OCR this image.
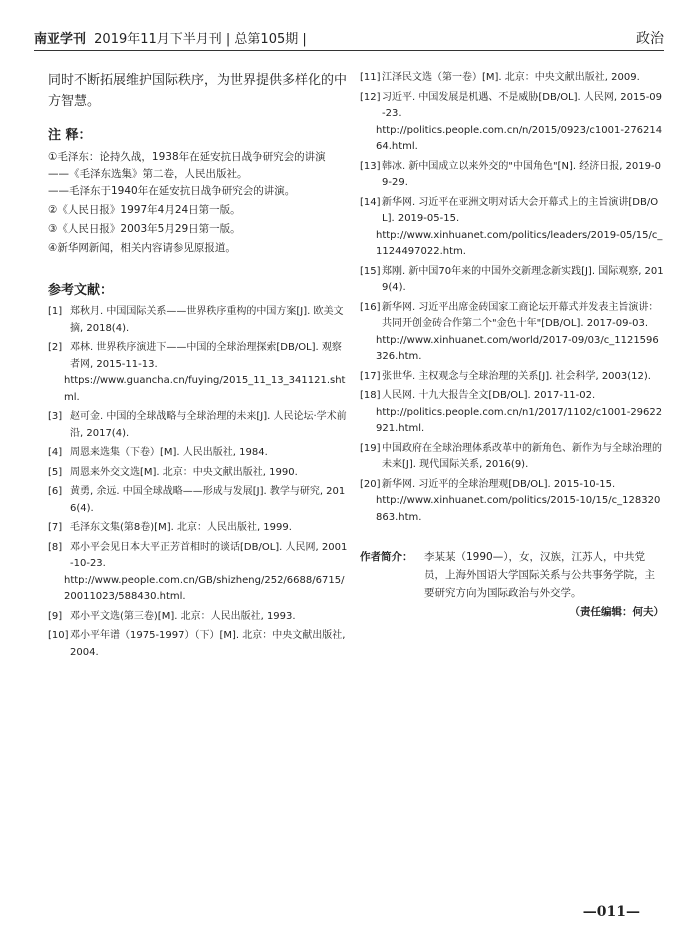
南亚学刊 2019年11月下半月刊 | 总第105期 |	政治

同时不断拓展维护国际秩序，为世界提供多样化的中方智慧。

注 释：

①毛泽东：论持久战，1938年在延安抗日战争研究会的讲演
——《毛泽东选集》第二卷，人民出版社。
——毛泽东于1940年在延安抗日战争研究会的讲演。

②《人民日报》1997年4月24日第一版。

③《人民日报》2003年5月29日第一版。

④新华网新闻，相关内容请参见原报道。

参考文献：

[1] 郑秋月. 中国国际关系——世界秩序重构的中国方案[J]. 欧美文摘, 2018(4).

[2] 邓林. 世界秩序演进下——中国的全球治理探索[DB/OL]. 观察者网, 2015-11-13.
https://www.guancha.cn/fuying/2015_11_13_341121.shtml.

[3] 赵可金. 中国的全球战略与全球治理的未来[J]. 人民论坛·学术前沿, 2017(4).

[4] 周恩来选集（下卷）[M]. 人民出版社, 1984.

[5] 周恩来外交文选[M]. 北京：中央文献出版社, 1990.

[6] 黄勇, 余远. 中国全球战略——形成与发展[J]. 教学与研究, 2016(4).

[7] 毛泽东文集(第8卷)[M]. 北京：人民出版社, 1999.

[8] 邓小平会见日本大平正芳首相时的谈话[DB/OL]. 人民网, 2001-10-23.
http://www.people.com.cn/GB/shizheng/252/6688/6715/20011023/588430.html.

[9] 邓小平文选(第三卷)[M]. 北京：人民出版社, 1993.

[10]邓小平年谱（1975-1997）（下）[M]. 北京：中央文献出版社, 2004.

[11]江泽民文选（第一卷）[M]. 北京：中央文献出版社, 2009.

[12]习近平. 中国发展是机遇、不是威胁[DB/OL]. 人民网, 2015-09-23.
http://politics.people.com.cn/n/2015/0923/c1001-27621464.html.

[13]韩冰. 新中国成立以来外交的"中国角色"[N]. 经济日报, 2019-09-29.

[14]新华网. 习近平在亚洲文明对话大会开幕式上的主旨演讲[DB/OL]. 2019-05-15.
http://www.xinhuanet.com/politics/leaders/2019-05/15/c_1124497022.htm.

[15]郑刚. 新中国70年来的中国外交新理念新实践[J]. 国际观察, 2019(4).

[16]新华网. 习近平出席金砖国家工商论坛开幕式并发表主旨演讲：共同开创金砖合作第二个"金色十年"[DB/OL]. 2017-09-03.
http://www.xinhuanet.com/world/2017-09/03/c_1121596326.htm.

[17]张世华. 主权观念与全球治理的关系[J]. 社会科学, 2003(12).

[18]人民网. 十九大报告全文[DB/OL]. 2017-11-02.
http://politics.people.com.cn/n1/2017/1102/c1001-29622921.html.

[19]中国政府在全球治理体系改革中的新角色、新作为与全球治理的未来[J]. 现代国际关系, 2016(9).

[20]新华网. 习近平的全球治理观[DB/OL]. 2015-10-15.
http://www.xinhuanet.com/politics/2015-10/15/c_128320863.htm.

作者简介：	李某某（1990—），女，汉族，江苏人，中共党员，上海外国语大学国际关系与公共事务学院，主要研究方向为国际政治与外交学。
（责任编辑：何夫）
—011—
